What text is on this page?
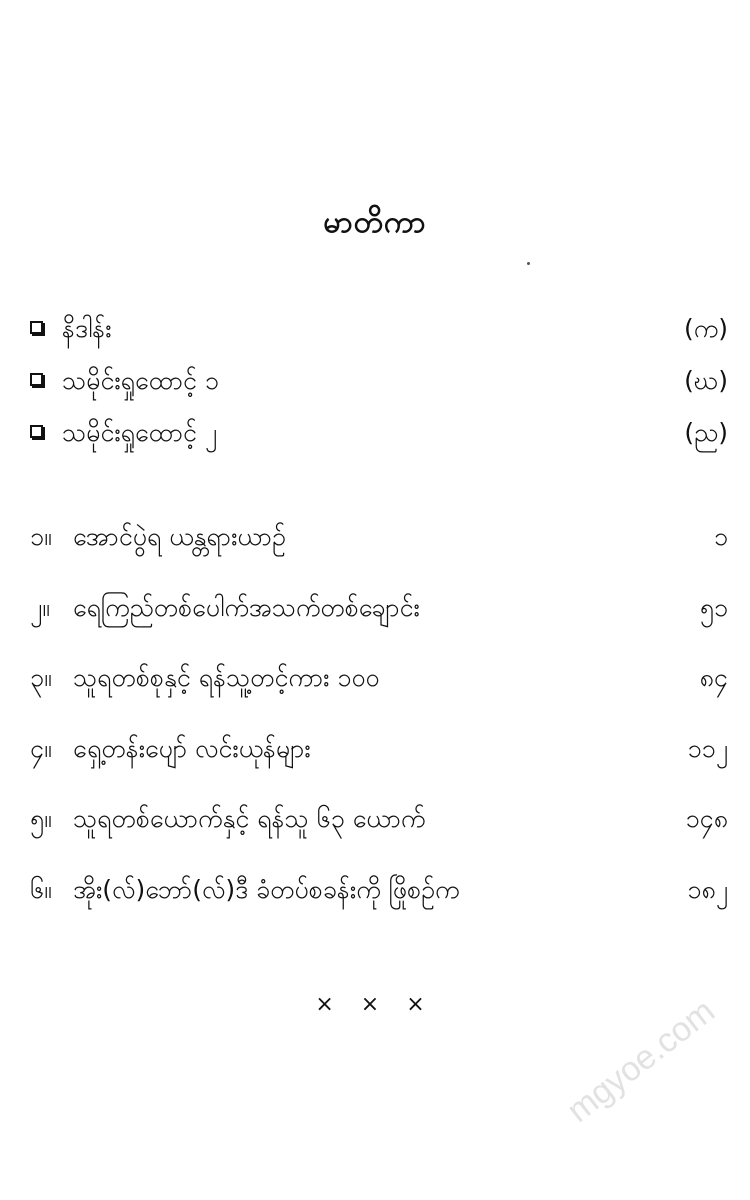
မာတိကာ
နိဒါန်း	(က)
သမိုင်းရှုထောင့် ၁	(ဃ)
သမိုင်းရှုထောင့် ၂	(ည)
၁။ အောင်ပွဲရ ယန္တရားယာဉ်	၁
၂။ ရေကြည်တစ်ပေါက်အသက်တစ်ချောင်း	၅၁
၃။ သူရတစ်စုနှင့် ရန်သူ့တင့်ကား ၁၀၀	၈၄
၄။ ရှေ့တန်းပျော် လင်းယုန်များ	၁၁၂
၅။ သူရတစ်ယောက်နှင့် ရန်သူ ၆၃ ယောက်	၁၄၈
၆။ အိုး(လ်)ဘော်(လ်)ဒီ ခံတပ်စခန်းကို ဖြိုစဉ်က	၁၈၂
× × ×	mgyoe.com
